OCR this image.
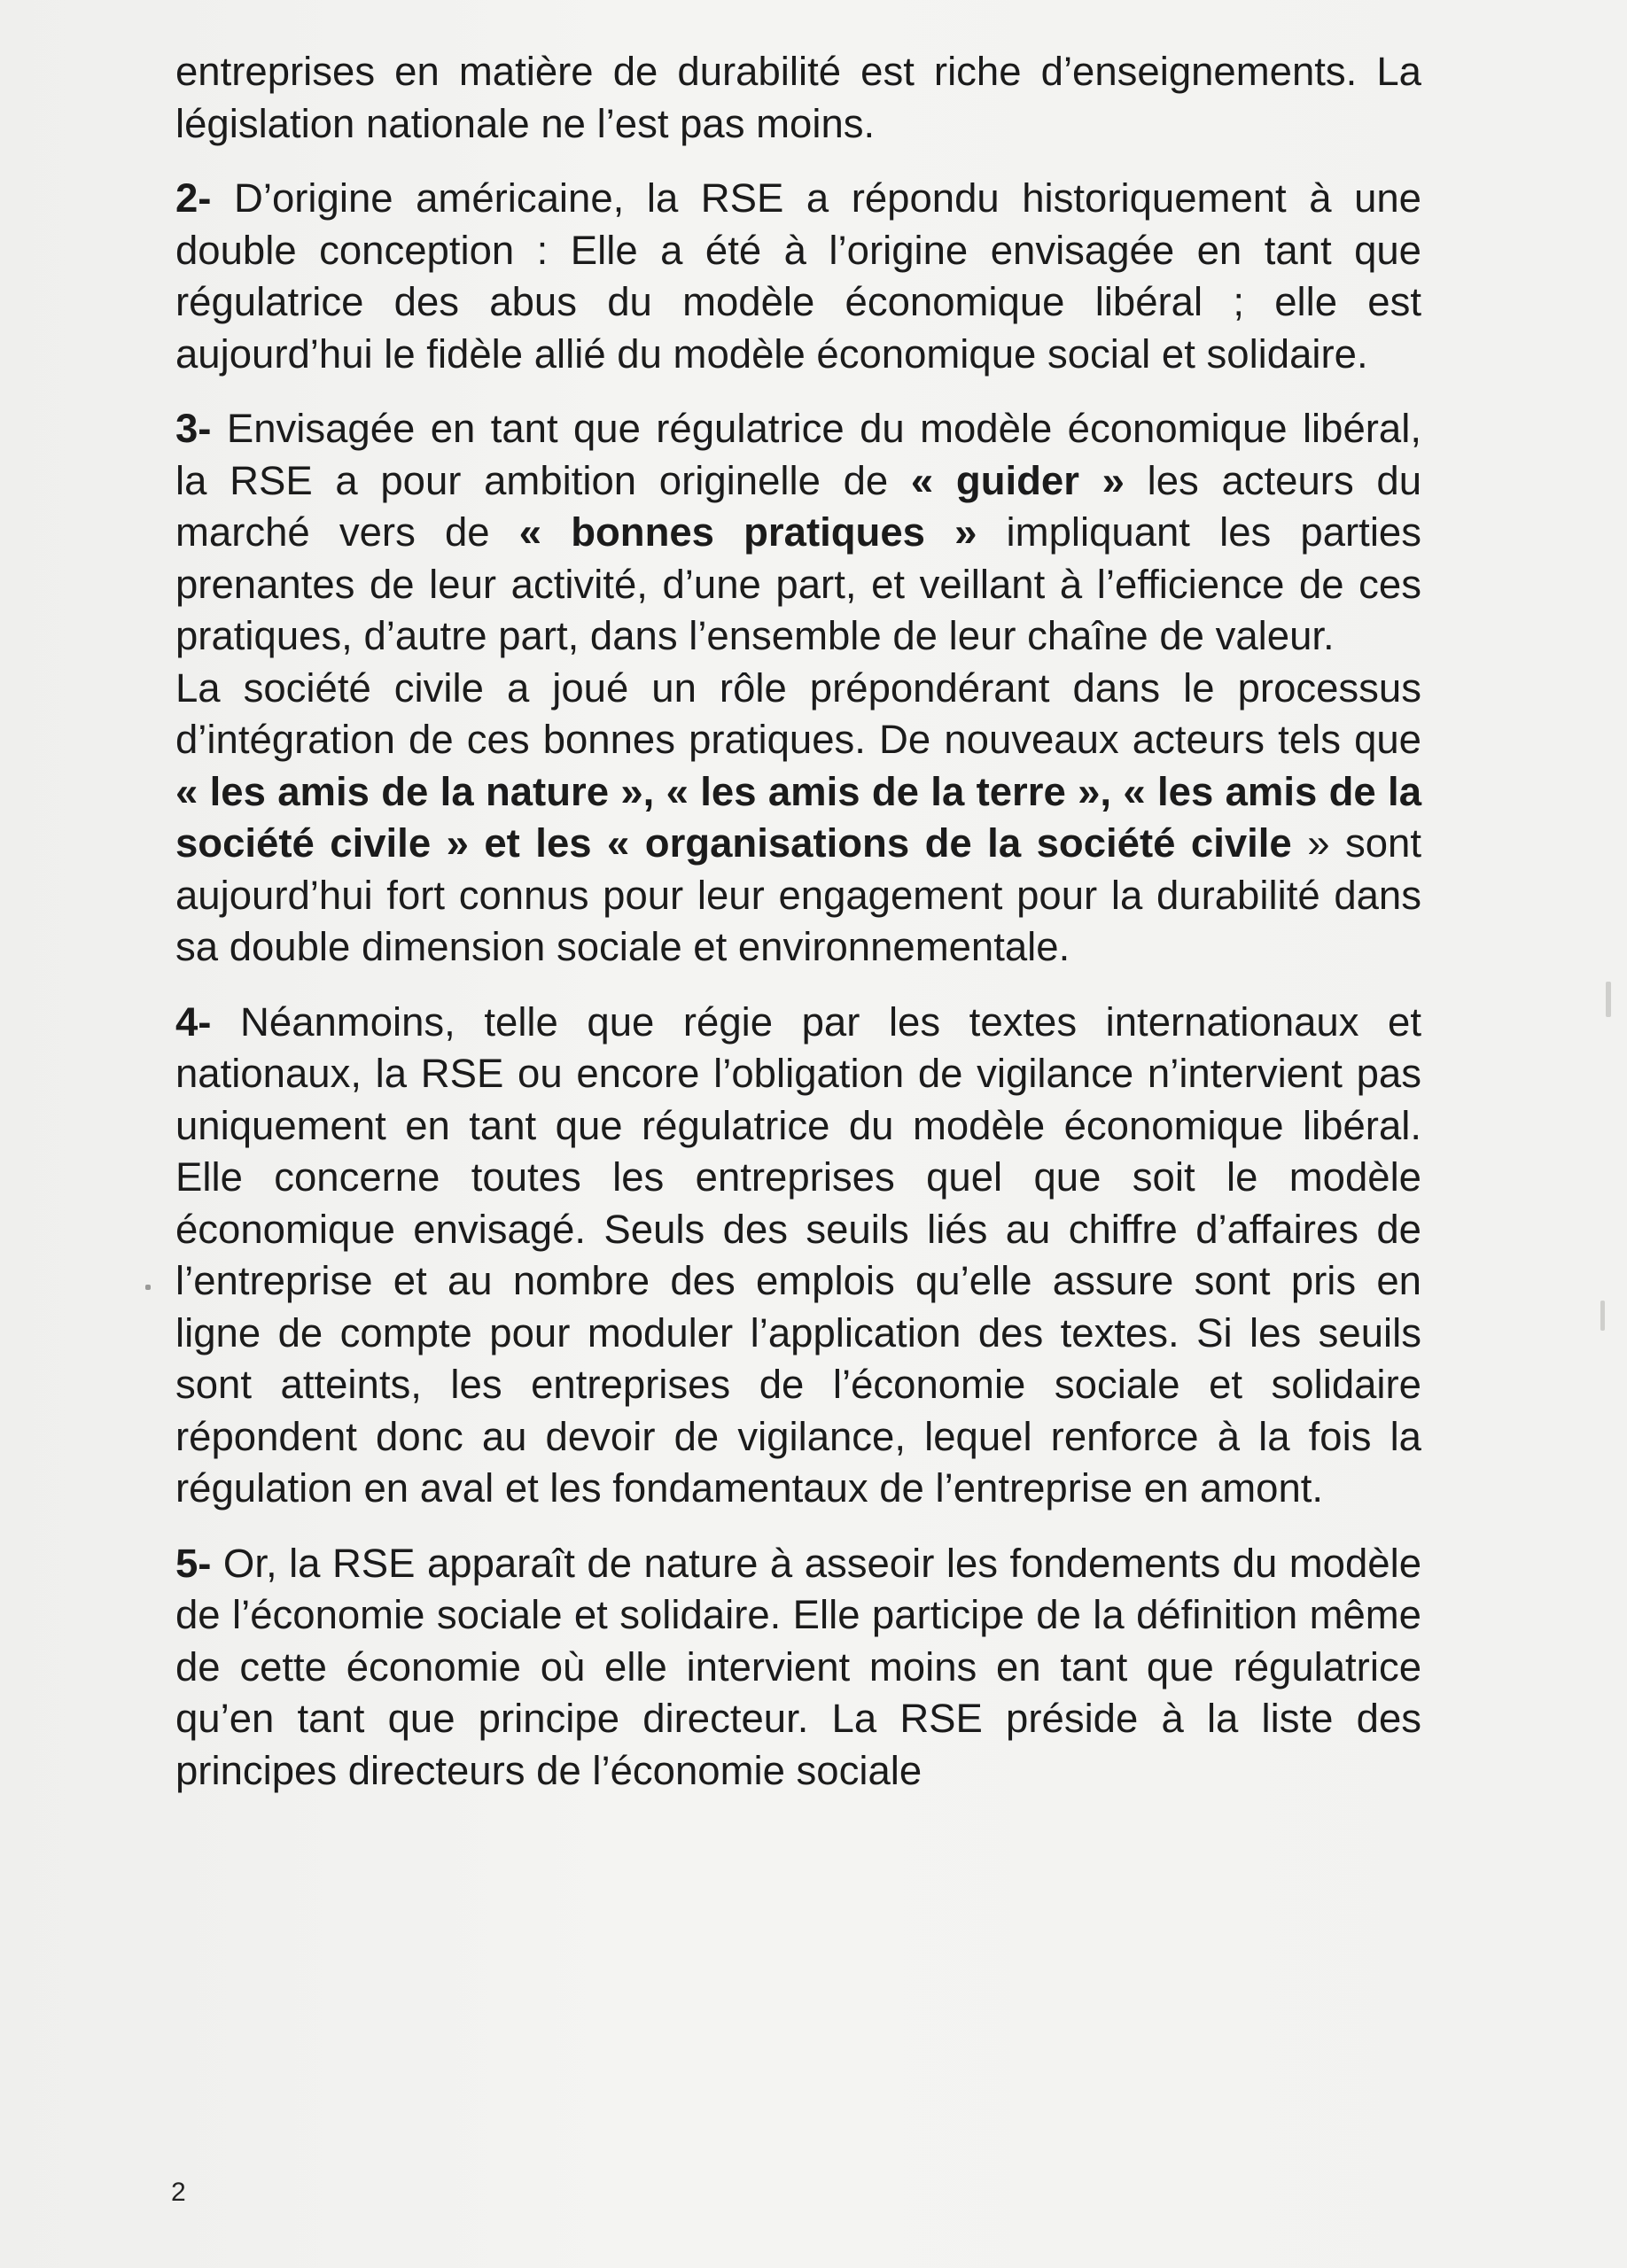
entreprises en matière de durabilité est riche d’enseignements. La législation nationale ne l’est pas moins.

2- D’origine américaine, la RSE a répondu historiquement à une double conception : Elle a été à l’origine envisagée en tant que régulatrice des abus du modèle économique libéral ; elle est aujourd’hui le fidèle allié du modèle économique social et solidaire.

3- Envisagée en tant que régulatrice du modèle économique libéral, la RSE a pour ambition originelle de « guider » les acteurs du marché vers de « bonnes pratiques » impliquant les parties prenantes de leur activité, d’une part, et veillant à l’efficience de ces pratiques, d’autre part, dans l’ensemble de leur chaîne de valeur.

La société civile a joué un rôle prépondérant dans le processus d’intégration de ces bonnes pratiques. De nouveaux acteurs tels que « les amis de la nature », « les amis de la terre », « les amis de la société civile » et les « organisations de la société civile » sont aujourd’hui fort connus pour leur engagement pour la durabilité dans sa double dimension sociale et environnementale.

4- Néanmoins, telle que régie par les textes internationaux et nationaux, la RSE ou encore l’obligation de vigilance n’intervient pas uniquement en tant que régulatrice du modèle économique libéral. Elle concerne toutes les entreprises quel que soit le modèle économique envisagé. Seuls des seuils liés au chiffre d’affaires de l’entreprise et au nombre des emplois qu’elle assure sont pris en ligne de compte pour moduler l’application des textes. Si les seuils sont atteints, les entreprises de l’économie sociale et solidaire répondent donc au devoir de vigilance, lequel renforce à la fois la régulation en aval et les fondamentaux de l’entreprise en amont.

5- Or, la RSE apparaît de nature à asseoir les fondements du modèle de l’économie sociale et solidaire. Elle participe de la définition même de cette économie où elle intervient moins en tant que régulatrice qu’en tant que principe directeur. La RSE préside à la liste des principes directeurs de l’économie sociale

2
